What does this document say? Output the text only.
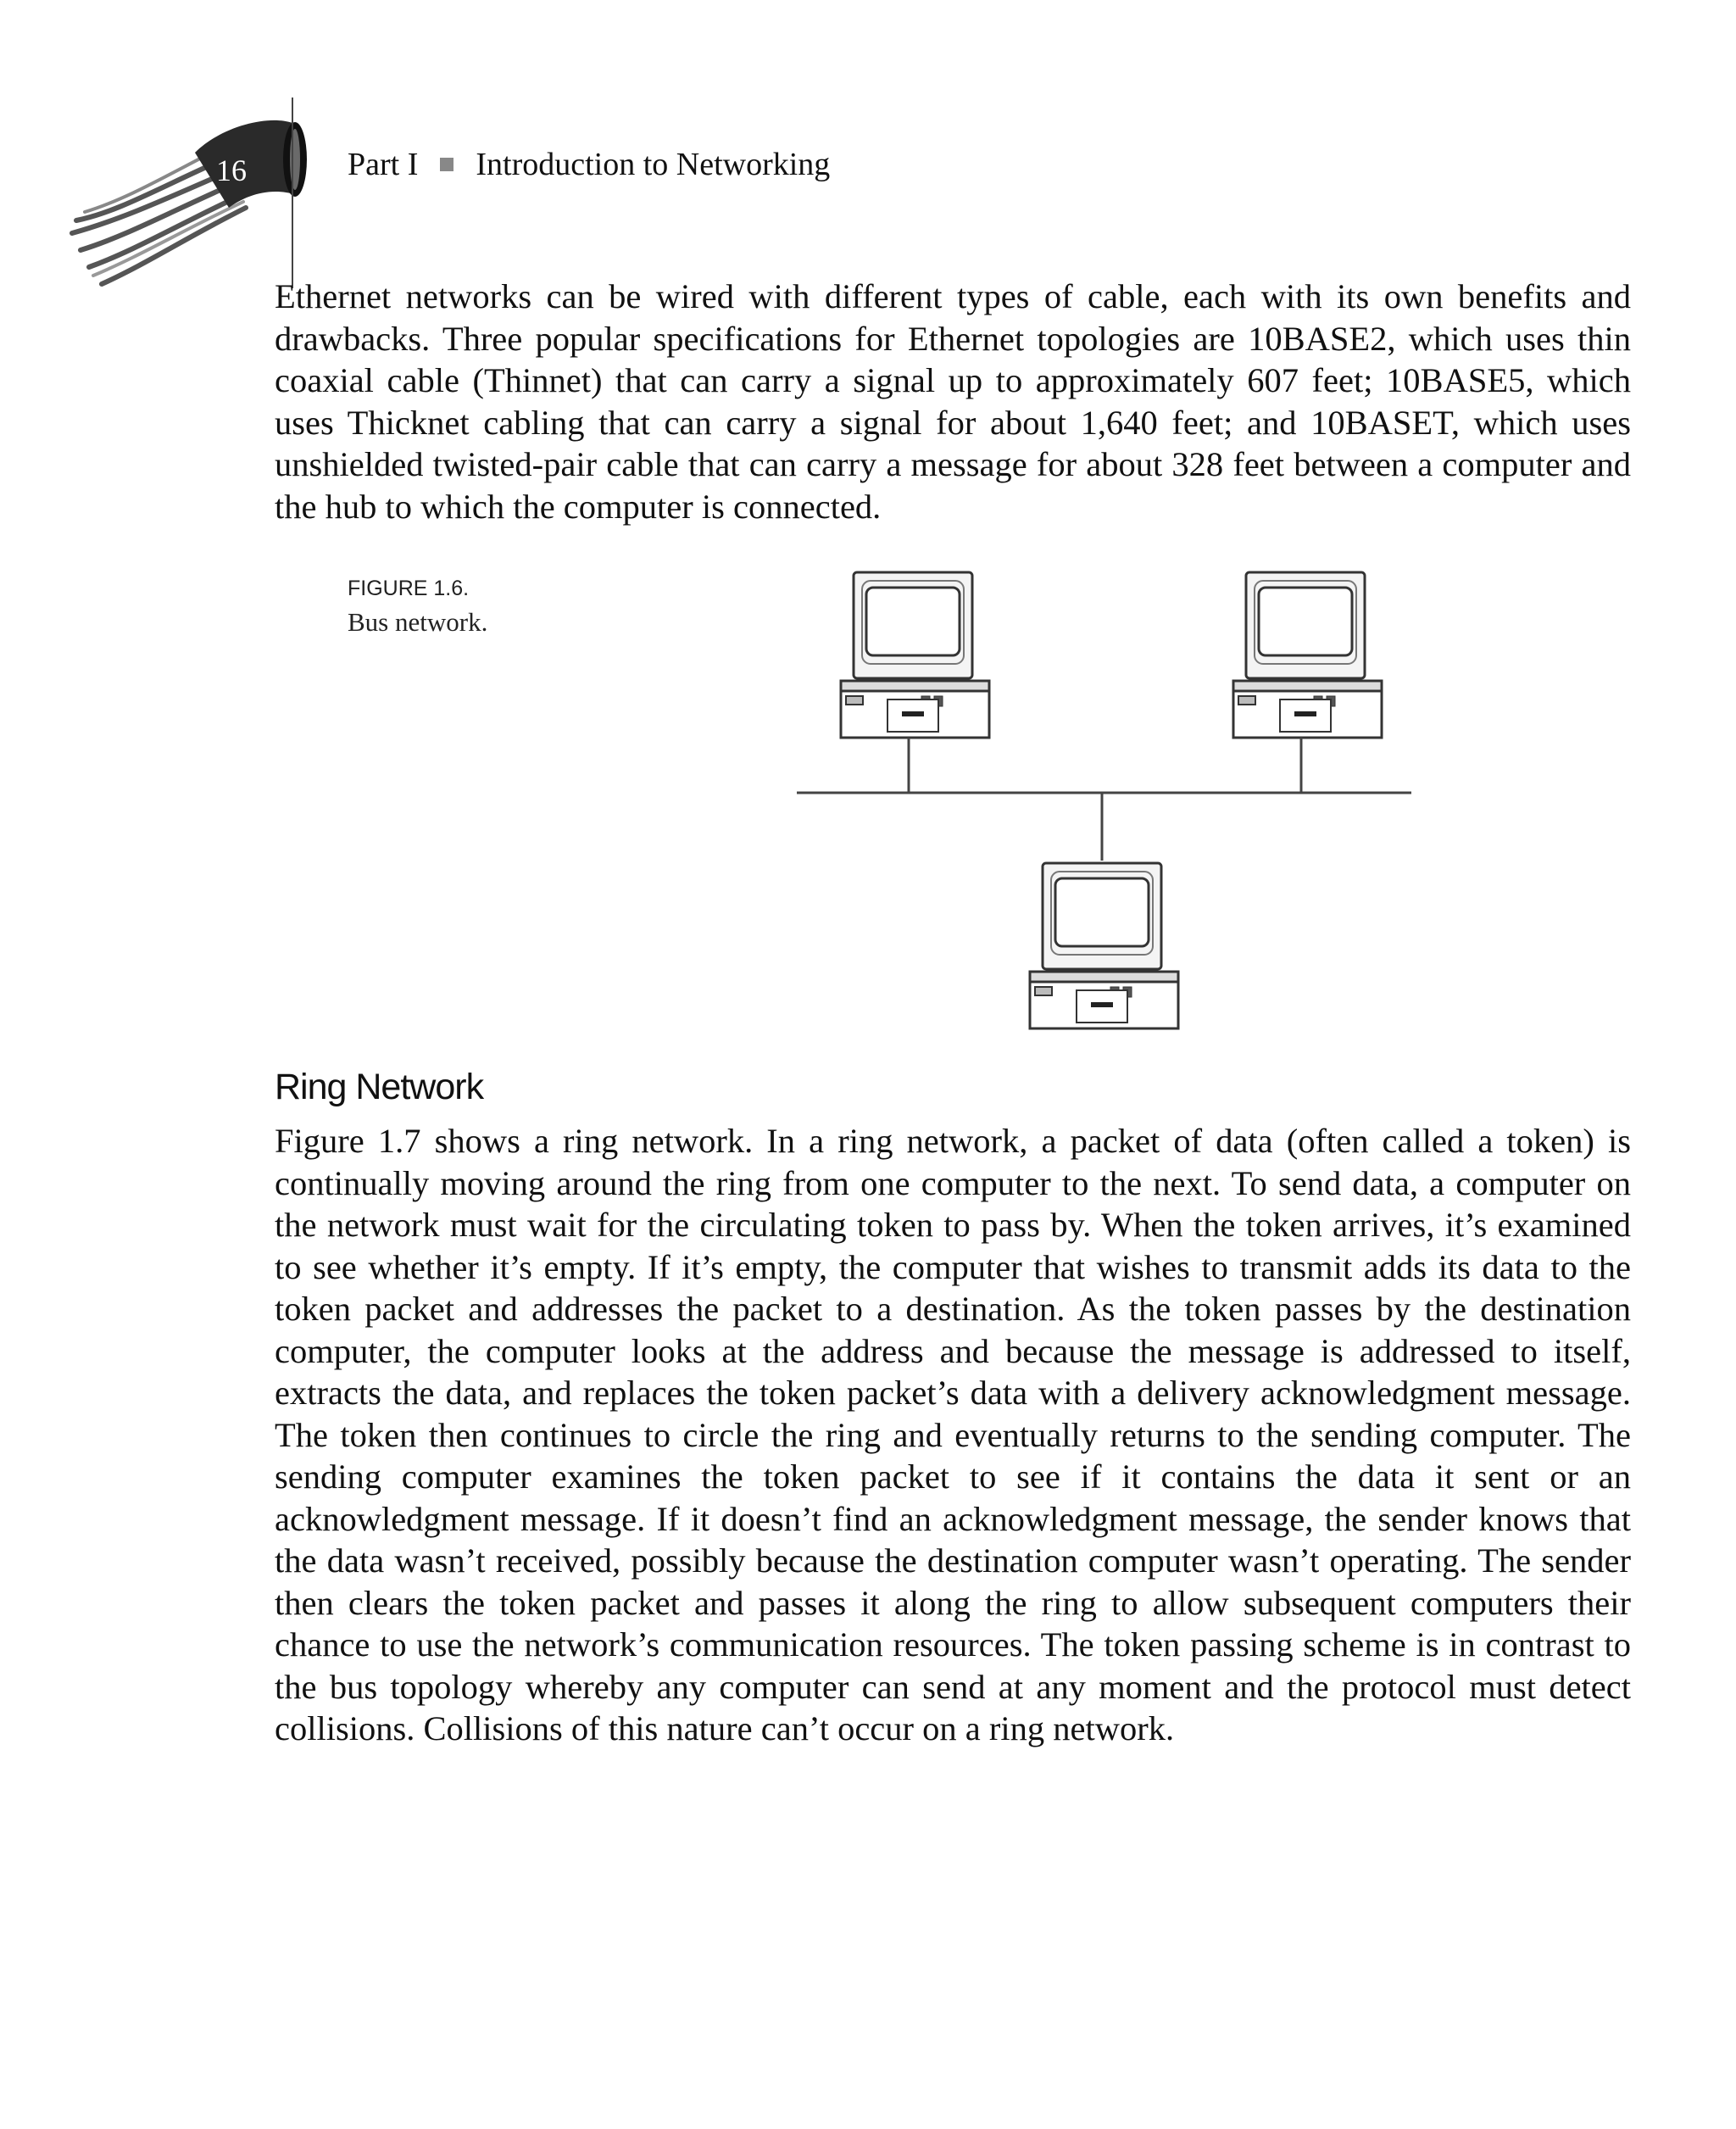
16	Part I Introduction to Networking

Ethernet networks can be wired with different types of cable, each with its own benefits and drawbacks. Three popular specifications for Ethernet topologies are 10BASE2, which uses thin coaxial cable (Thinnet) that can carry a signal up to approximately 607 feet; 10BASE5, which uses Thicknet cabling that can carry a signal for about 1,640 feet; and 10BASET, which uses unshielded twisted-pair cable that can carry a message for about 328 feet between a computer and the hub to which the computer is connected.

FIGURE 1.6.
Bus network.
Ring Network

Figure 1.7 shows a ring network. In a ring network, a packet of data (often called a token) is continually moving around the ring from one computer to the next. To send data, a computer on the network must wait for the circulating token to pass by. When the token arrives, it’s examined to see whether it’s empty. If it’s empty, the computer that wishes to transmit adds its data to the token packet and addresses the packet to a destination. As the token passes by the destination computer, the computer looks at the address and because the message is addressed to itself, extracts the data, and replaces the token packet’s data with a delivery acknowledgment message. The token then continues to circle the ring and eventually returns to the sending computer. The sending computer examines the token packet to see if it contains the data it sent or an acknowledgment message. If it doesn’t find an acknowledgment message, the sender knows that the data wasn’t received, possibly because the destination computer wasn’t operating. The sender then clears the token packet and passes it along the ring to allow subsequent computers their chance to use the network’s communication resources. The token passing scheme is in contrast to the bus topology whereby any computer can send at any moment and the protocol must detect collisions. Collisions of this nature can’t occur on a ring network.
